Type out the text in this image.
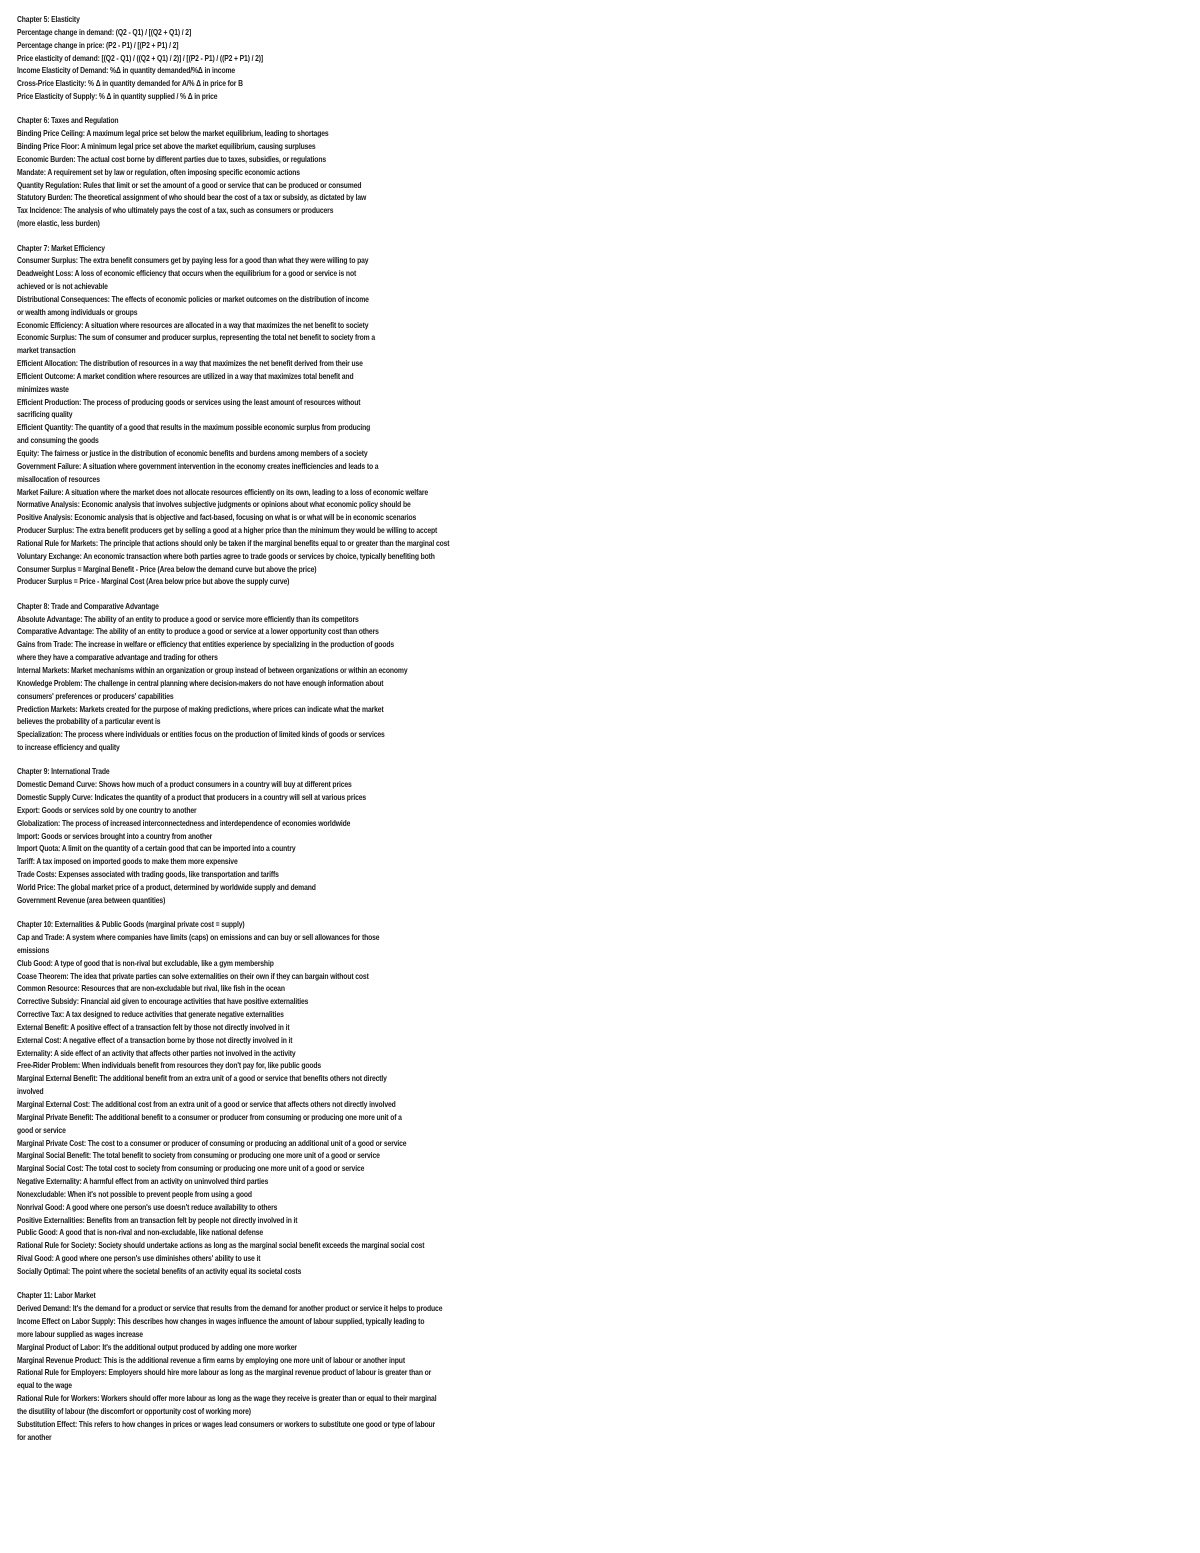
Chapter 5: Elasticity
Percentage change in demand: (Q2 - Q1) / [(Q2 + Q1) / 2]
Percentage change in price: (P2 - P1) / [(P2 + P1) / 2]
Price elasticity of demand: [(Q2 - Q1) / ((Q2 + Q1) / 2)] / [(P2 - P1) / ((P2 + P1) / 2)]
Income Elasticity of Demand: %Δ in quantity demanded/%Δ in income
Cross-Price Elasticity: % Δ in quantity demanded for A/% Δ in price for B
Price Elasticity of Supply: % Δ in quantity supplied / % Δ in price
Chapter 6: Taxes and Regulation
Binding Price Ceiling: A maximum legal price set below the market equilibrium, leading to shortages
Binding Price Floor: A minimum legal price set above the market equilibrium, causing surpluses
Economic Burden: The actual cost borne by different parties due to taxes, subsidies, or regulations
Mandate: A requirement set by law or regulation, often imposing specific economic actions
Quantity Regulation: Rules that limit or set the amount of a good or service that can be produced or consumed
Statutory Burden: The theoretical assignment of who should bear the cost of a tax or subsidy, as dictated by law
Tax Incidence: The analysis of who ultimately pays the cost of a tax, such as consumers or producers
(more elastic, less burden)
Chapter 7: Market Efficiency
Consumer Surplus: The extra benefit consumers get by paying less for a good than what they were willing to pay
Deadweight Loss: A loss of economic efficiency that occurs when the equilibrium for a good or service is not
achieved or is not achievable
Distributional Consequences: The effects of economic policies or market outcomes on the distribution of income
or wealth among individuals or groups
Economic Efficiency: A situation where resources are allocated in a way that maximizes the net benefit to society
Economic Surplus: The sum of consumer and producer surplus, representing the total net benefit to society from a
market transaction
Efficient Allocation: The distribution of resources in a way that maximizes the net benefit derived from their use
Efficient Outcome: A market condition where resources are utilized in a way that maximizes total benefit and
minimizes waste
Efficient Production: The process of producing goods or services using the least amount of resources without
sacrificing quality
Efficient Quantity: The quantity of a good that results in the maximum possible economic surplus from producing
and consuming the goods
Equity: The fairness or justice in the distribution of economic benefits and burdens among members of a society
Government Failure: A situation where government intervention in the economy creates inefficiencies and leads to a
misallocation of resources
Market Failure: A situation where the market does not allocate resources efficiently on its own, leading to a loss of economic welfare
Normative Analysis: Economic analysis that involves subjective judgments or opinions about what economic policy should be
Positive Analysis: Economic analysis that is objective and fact-based, focusing on what is or what will be in economic scenarios
Producer Surplus: The extra benefit producers get by selling a good at a higher price than the minimum they would be willing to accept
Rational Rule for Markets: The principle that actions should only be taken if the marginal benefits equal to or greater than the marginal cost
Voluntary Exchange: An economic transaction where both parties agree to trade goods or services by choice, typically benefiting both
Consumer Surplus = Marginal Benefit - Price (Area below the demand curve but above the price)
Producer Surplus = Price - Marginal Cost (Area below price but above the supply curve)
Chapter 8: Trade and Comparative Advantage
Absolute Advantage: The ability of an entity to produce a good or service more efficiently than its competitors
Comparative Advantage: The ability of an entity to produce a good or service at a lower opportunity cost than others
Gains from Trade: The increase in welfare or efficiency that entities experience by specializing in the production of goods
where they have a comparative advantage and trading for others
Internal Markets: Market mechanisms within an organization or group instead of between organizations or within an economy
Knowledge Problem: The challenge in central planning where decision-makers do not have enough information about
consumers' preferences or producers' capabilities
Prediction Markets: Markets created for the purpose of making predictions, where prices can indicate what the market
believes the probability of a particular event is
Specialization: The process where individuals or entities focus on the production of limited kinds of goods or services
to increase efficiency and quality
Chapter 9: International Trade
Domestic Demand Curve: Shows how much of a product consumers in a country will buy at different prices
Domestic Supply Curve: Indicates the quantity of a product that producers in a country will sell at various prices
Export: Goods or services sold by one country to another
Globalization: The process of increased interconnectedness and interdependence of economies worldwide
Import: Goods or services brought into a country from another
Import Quota: A limit on the quantity of a certain good that can be imported into a country
Tariff: A tax imposed on imported goods to make them more expensive
Trade Costs: Expenses associated with trading goods, like transportation and tariffs
World Price: The global market price of a product, determined by worldwide supply and demand
Government Revenue (area between quantities)
Chapter 10: Externalities & Public Goods (marginal private cost = supply)
Cap and Trade: A system where companies have limits (caps) on emissions and can buy or sell allowances for those
emissions
Club Good: A type of good that is non-rival but excludable, like a gym membership
Coase Theorem: The idea that private parties can solve externalities on their own if they can bargain without cost
Common Resource: Resources that are non-excludable but rival, like fish in the ocean
Corrective Subsidy: Financial aid given to encourage activities that have positive externalities
Corrective Tax: A tax designed to reduce activities that generate negative externalities
External Benefit: A positive effect of a transaction felt by those not directly involved in it
External Cost: A negative effect of a transaction borne by those not directly involved in it
Externality: A side effect of an activity that affects other parties not involved in the activity
Free-Rider Problem: When individuals benefit from resources they don't pay for, like public goods
Marginal External Benefit: The additional benefit from an extra unit of a good or service that benefits others not directly
involved
Marginal External Cost: The additional cost from an extra unit of a good or service that affects others not directly involved
Marginal Private Benefit: The additional benefit to a consumer or producer from consuming or producing one more unit of a
good or service
Marginal Private Cost: The cost to a consumer or producer of consuming or producing an additional unit of a good or service
Marginal Social Benefit: The total benefit to society from consuming or producing one more unit of a good or service
Marginal Social Cost: The total cost to society from consuming or producing one more unit of a good or service
Negative Externality: A harmful effect from an activity on uninvolved third parties
Nonexcludable: When it's not possible to prevent people from using a good
Nonrival Good: A good where one person's use doesn't reduce availability to others
Positive Externalities: Benefits from an transaction felt by people not directly involved in it
Public Good: A good that is non-rival and non-excludable, like national defense
Rational Rule for Society: Society should undertake actions as long as the marginal social benefit exceeds the marginal social cost
Rival Good: A good where one person's use diminishes others' ability to use it
Socially Optimal: The point where the societal benefits of an activity equal its societal costs
Chapter 11: Labor Market
Derived Demand: It's the demand for a product or service that results from the demand for another product or service it helps to produce
Income Effect on Labor Supply: This describes how changes in wages influence the amount of labour supplied, typically leading to
more labour supplied as wages increase
Marginal Product of Labor: It's the additional output produced by adding one more worker
Marginal Revenue Product: This is the additional revenue a firm earns by employing one more unit of labour or another input
Rational Rule for Employers: Employers should hire more labour as long as the marginal revenue product of labour is greater than or
equal to the wage
Rational Rule for Workers: Workers should offer more labour as long as the wage they receive is greater than or equal to their marginal
the disutility of labour (the discomfort or opportunity cost of working more)
Substitution Effect: This refers to how changes in prices or wages lead consumers or workers to substitute one good or type of labour
for another
